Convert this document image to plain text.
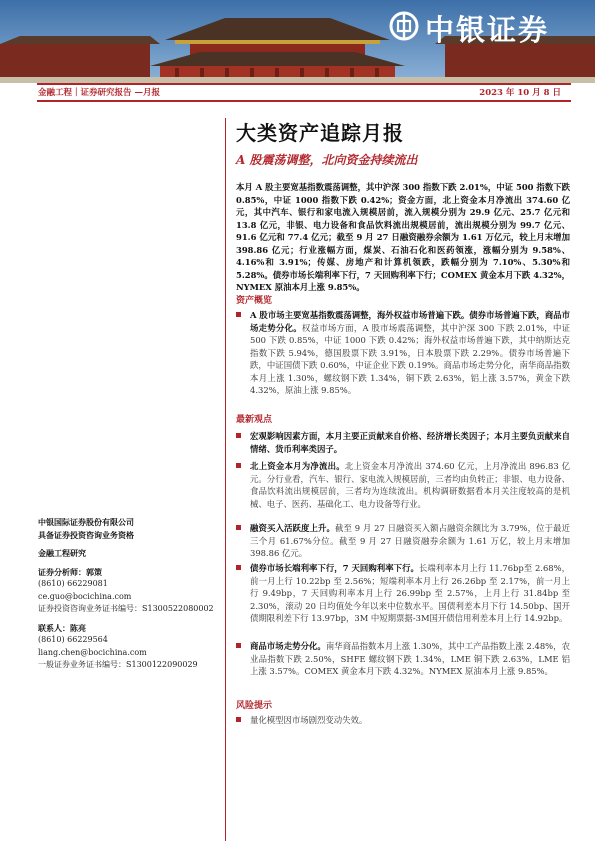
中银证券
金融工程｜证券研究报告 —月报	2023 年 10 月 8 日
大类资产追踪月报
A 股震荡调整，北向资金持续流出
本月 A 股主要宽基指数震荡调整，其中沪深 300 指数下跌 2.01%，中证 500 指数下跌 0.85%，中证 1000 指数下跌 0.42%；资金方面，北上资金本月净流出 374.60 亿元，其中汽车、银行和家电流入规模居前，流入规模分别为 29.9 亿元、25.7 亿元和 13.8 亿元，非银、电力设备和食品饮料流出规模居前，流出规模分别为 99.7 亿元、91.6 亿元和 77.4 亿元；截至 9 月 27 日融资融券余额为 1.61 万亿元，较上月末增加 398.86 亿元；行业涨幅方面，煤炭、石油石化和医药领涨，涨幅分别为 9.58%、4.16%和 3.91%；传媒、房地产和计算机领跌，跌幅分别为 7.10%、5.30%和 5.28%。债券市场长端利率下行，7 天回购利率下行；COMEX 黄金本月下跌 4.32%，NYMEX 原油本月上涨 9.85%。
资产概览
A 股市场主要宽基指数震荡调整，海外权益市场普遍下跌。债券市场普遍下跌，商品市场走势分化。权益市场方面，A 股市场震荡调整，其中沪深 300 下跌 2.01%，中证 500 下跌 0.85%，中证 1000 下跌 0.42%；海外权益市场普遍下跌，其中纳斯达克指数下跌 5.94%，德国股票下跌 3.91%，日本股票下跌 2.29%。债券市场普遍下跌，中证国债下跌 0.60%，中证企业下跌 0.19%。商品市场走势分化，南华商品指数本月上涨 1.30%，螺纹钢下跌 1.34%，铜下跌 2.63%，铝上涨 3.57%，黄金下跌 4.32%，原油上涨 9.85%。
最新观点
宏观影响因素方面，本月主要正贡献来自价格、经济增长类因子；本月主要负贡献来自情绪、货币利率类因子。
北上资金本月为净流出。北上资金本月净流出 374.60 亿元，上月净流出 896.83 亿元。分行业看，汽车、银行、家电流入规模居前，三者均由负转正；非银、电力设备、食品饮料流出规模居前，三者均为连续流出。机构调研数据看本月关注度较高的是机械、电子、医药、基础化工、电力设备等行业。
融资买入活跃度上升。截至 9 月 27 日融资买入额占融资余额比为 3.79%，位于最近三个月 61.67%分位。截至 9 月 27 日融资融券余额为 1.61 万亿，较上月末增加 398.86 亿元。
债券市场长端利率下行，7 天回购利率下行。长端利率本月上行 11.76bp至 2.68%，前一月上行 10.22bp 至 2.56%；短端利率本月上行 26.26bp 至 2.17%，前一月上行 9.49bp，7 天回购利率本月上行 26.99bp 至 2.57%，上月上行 31.84bp 至 2.30%，滚动 20 日均值处今年以来中位数水平。国债利差本月下行 14.50bp、国开债期限利差下行 13.97bp，3M 中短期票据-3M国开债信用利差本月上行 14.92bp。
商品市场走势分化。南华商品指数本月上涨 1.30%，其中工产品指数上涨 2.48%，农业品指数下跌 2.50%，SHFE 螺纹钢下跌 1.34%，LME 铜下跌 2.63%，LME 铝上涨 3.57%。COMEX 黄金本月下跌 4.32%。NYMEX 原油本月上涨 9.85%。
风险提示
量化模型因市场剧烈变动失效。
中银国际证券股份有限公司
具备证券投资咨询业务资格
金融工程研究
证券分析师：郭策
(8610) 66229081
ce.guo@bocichina.com
证券投资咨询业务证书编号：S1300522080002
联系人：陈亮
(8610) 66229564
liang.chen@bocichina.com
一般证券业务证书编号：S1300122090029
